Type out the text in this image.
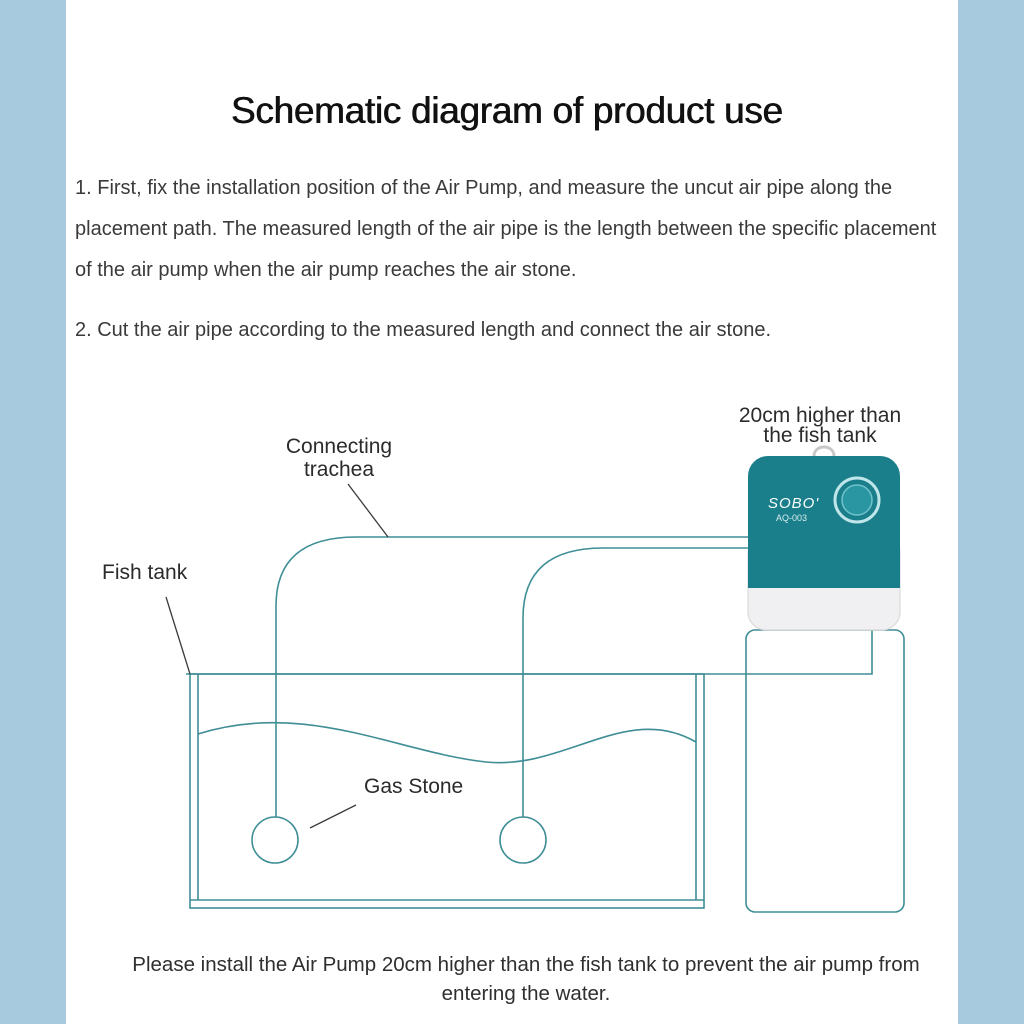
Schematic diagram of product use

1. First, fix the installation position of the Air Pump, and measure the uncut air pipe along the placement path. The measured length of the air pipe is the length between the specific placement of the air pump when the air pump reaches the air stone.

2. Cut the air pipe according to the measured length and connect the air stone.

SOBO'
AQ-003
20cm higher than
the fish tank
Connecting
trachea
Fish tank
Gas Stone

Please install the Air Pump 20cm higher than the fish tank to prevent the air pump from entering the water.
